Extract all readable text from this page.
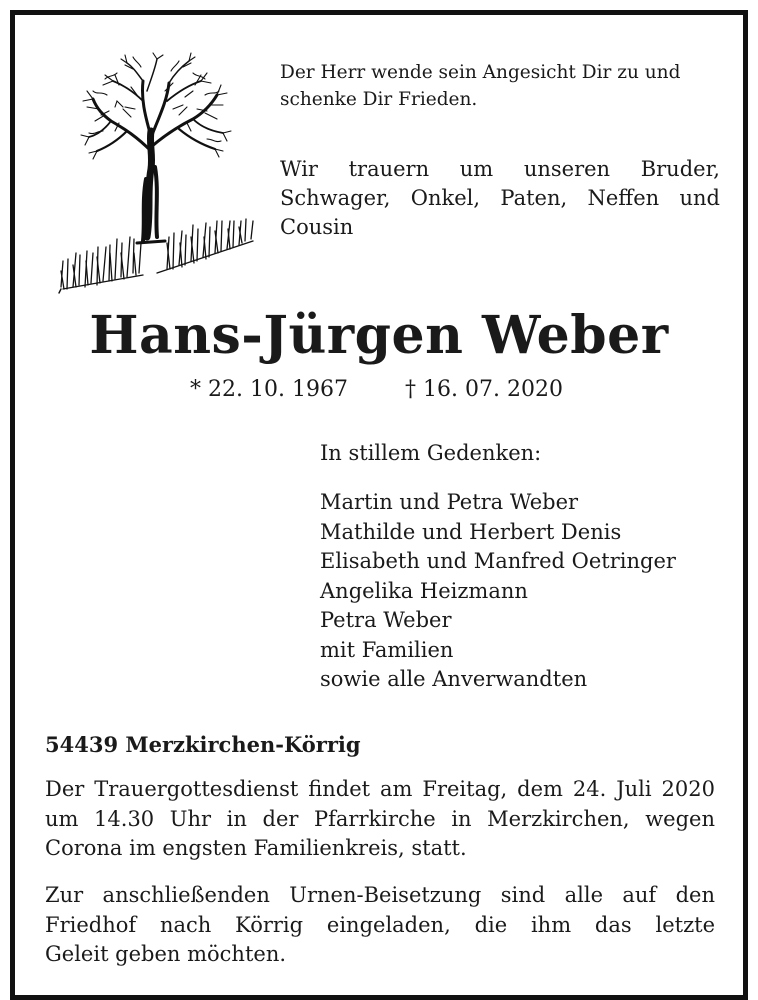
Der Herr wende sein Angesicht Dir zu und
schenke Dir Frieden.
Wir trauern um unseren Bruder,
Schwager, Onkel, Paten, Neffen und
Cousin
Hans-Jürgen Weber
* 22. 10. 1967	† 16. 07. 2020
In stillem Gedenken:
Martin und Petra Weber
Mathilde und Herbert Denis
Elisabeth und Manfred Oetringer
Angelika Heizmann
Petra Weber
mit Familien
sowie alle Anverwandten
54439 Merzkirchen-Körrig
Der Trauergottesdienst findet am Freitag, dem 24. Juli 2020
um 14.30 Uhr in der Pfarrkirche in Merzkirchen, wegen
Corona im engsten Familienkreis, statt.
Zur anschließenden Urnen-Beisetzung sind alle auf den
Friedhof nach Körrig eingeladen, die ihm das letzte
Geleit geben möchten.
